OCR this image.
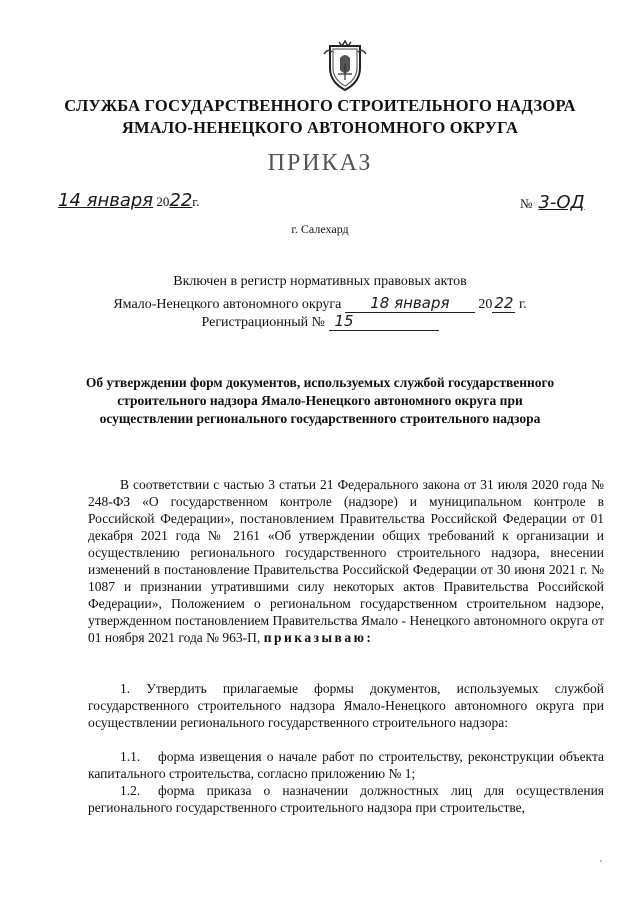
СЛУЖБА ГОСУДАРСТВЕННОГО СТРОИТЕЛЬНОГО НАДЗОРА
ЯМАЛО-НЕНЕЦКОГО АВТОНОМНОГО ОКРУГА
ПРИКАЗ
14 января 2022г.	№ 3-ОД
г. Салехард
Включен в регистр нормативных правовых актов
Ямало-Ненецкого автономного округа 18 января 20 22 г.
Регистрационный № 15
Об утверждении форм документов, используемых службой государственного строительного надзора Ямало-Ненецкого автономного округа при осуществлении регионального государственного строительного надзора
В соответствии с частью 3 статьи 21 Федерального закона от 31 июля 2020 года № 248-ФЗ «О государственном контроле (надзоре) и муниципальном контроле в Российской Федерации», постановлением Правительства Российской Федерации от 01 декабря 2021 года № 2161 «Об утверждении общих требований к организации и осуществлению регионального государственного строительного надзора, внесении изменений в постановление Правительства Российской Федерации от 30 июня 2021 г. № 1087 и признании утратившими силу некоторых актов Правительства Российской Федерации», Положением о региональном государственном строительном надзоре, утвержденном постановлением Правительства Ямало - Ненецкого автономного округа от 01 ноября 2021 года № 963-П, приказываю:
1. Утвердить прилагаемые формы документов, используемых службой государственного строительного надзора Ямало-Ненецкого автономного округа при осуществлении регионального государственного строительного надзора:
1.1. форма извещения о начале работ по строительству, реконструкции объекта капитального строительства, согласно приложению № 1;
1.2. форма приказа о назначении должностных лиц для осуществления регионального государственного строительного надзора при строительстве,
